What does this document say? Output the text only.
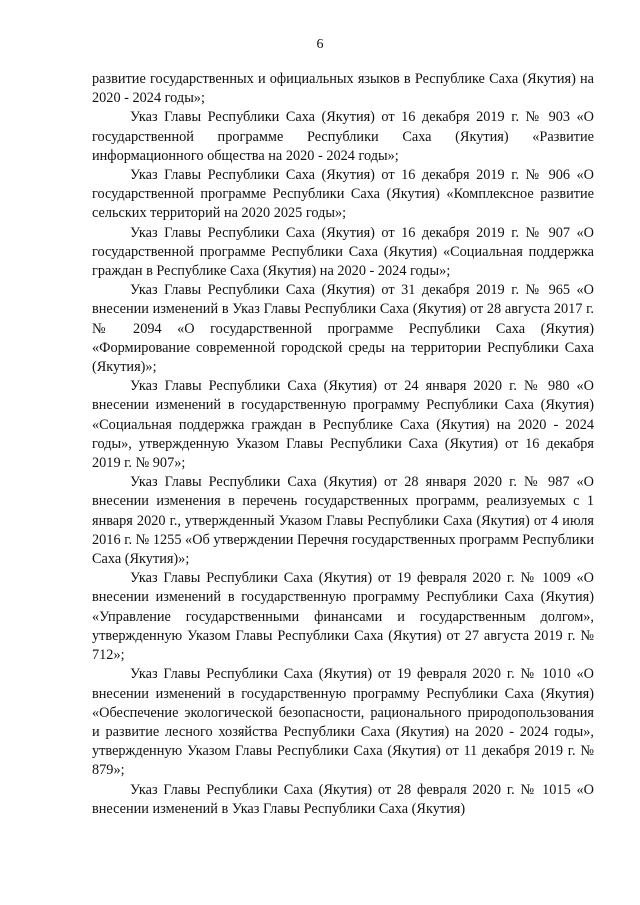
6

развитие государственных и официальных языков в Республике Саха (Якутия) на 2020 - 2024 годы»;

Указ Главы Республики Саха (Якутия) от 16 декабря 2019 г. № 903 «О государственной программе Республики Саха (Якутия) «Развитие информационного общества на 2020 - 2024 годы»;

Указ Главы Республики Саха (Якутия) от 16 декабря 2019 г. № 906 «О государственной программе Республики Саха (Якутия) «Комплексное развитие сельских территорий на 2020 2025 годы»;

Указ Главы Республики Саха (Якутия) от 16 декабря 2019 г. № 907 «О государственной программе Республики Саха (Якутия) «Социальная поддержка граждан в Республике Саха (Якутия) на 2020 - 2024 годы»;

Указ Главы Республики Саха (Якутия) от 31 декабря 2019 г. № 965 «О внесении изменений в Указ Главы Республики Саха (Якутия) от 28 августа 2017 г. № 2094 «О государственной программе Республики Саха (Якутия) «Формирование современной городской среды на территории Республики Саха (Якутия)»;

Указ Главы Республики Саха (Якутия) от 24 января 2020 г. № 980 «О внесении изменений в государственную программу Республики Саха (Якутия) «Социальная поддержка граждан в Республике Саха (Якутия) на 2020 - 2024 годы», утвержденную Указом Главы Республики Саха (Якутия) от 16 декабря 2019 г. № 907»;

Указ Главы Республики Саха (Якутия) от 28 января 2020 г. № 987 «О внесении изменения в перечень государственных программ, реализуемых с 1 января 2020 г., утвержденный Указом Главы Республики Саха (Якутия) от 4 июля 2016 г. № 1255 «Об утверждении Перечня государственных программ Республики Саха (Якутия)»;

Указ Главы Республики Саха (Якутия) от 19 февраля 2020 г. № 1009 «О внесении изменений в государственную программу Республики Саха (Якутия) «Управление государственными финансами и государственным долгом», утвержденную Указом Главы Республики Саха (Якутия) от 27 августа 2019 г. № 712»;

Указ Главы Республики Саха (Якутия) от 19 февраля 2020 г. № 1010 «О внесении изменений в государственную программу Республики Саха (Якутия) «Обеспечение экологической безопасности, рационального природопользования и развитие лесного хозяйства Республики Саха (Якутия) на 2020 - 2024 годы», утвержденную Указом Главы Республики Саха (Якутия) от 11 декабря 2019 г. № 879»;

Указ Главы Республики Саха (Якутия) от 28 февраля 2020 г. № 1015 «О внесении изменений в Указ Главы Республики Саха (Якутия)
